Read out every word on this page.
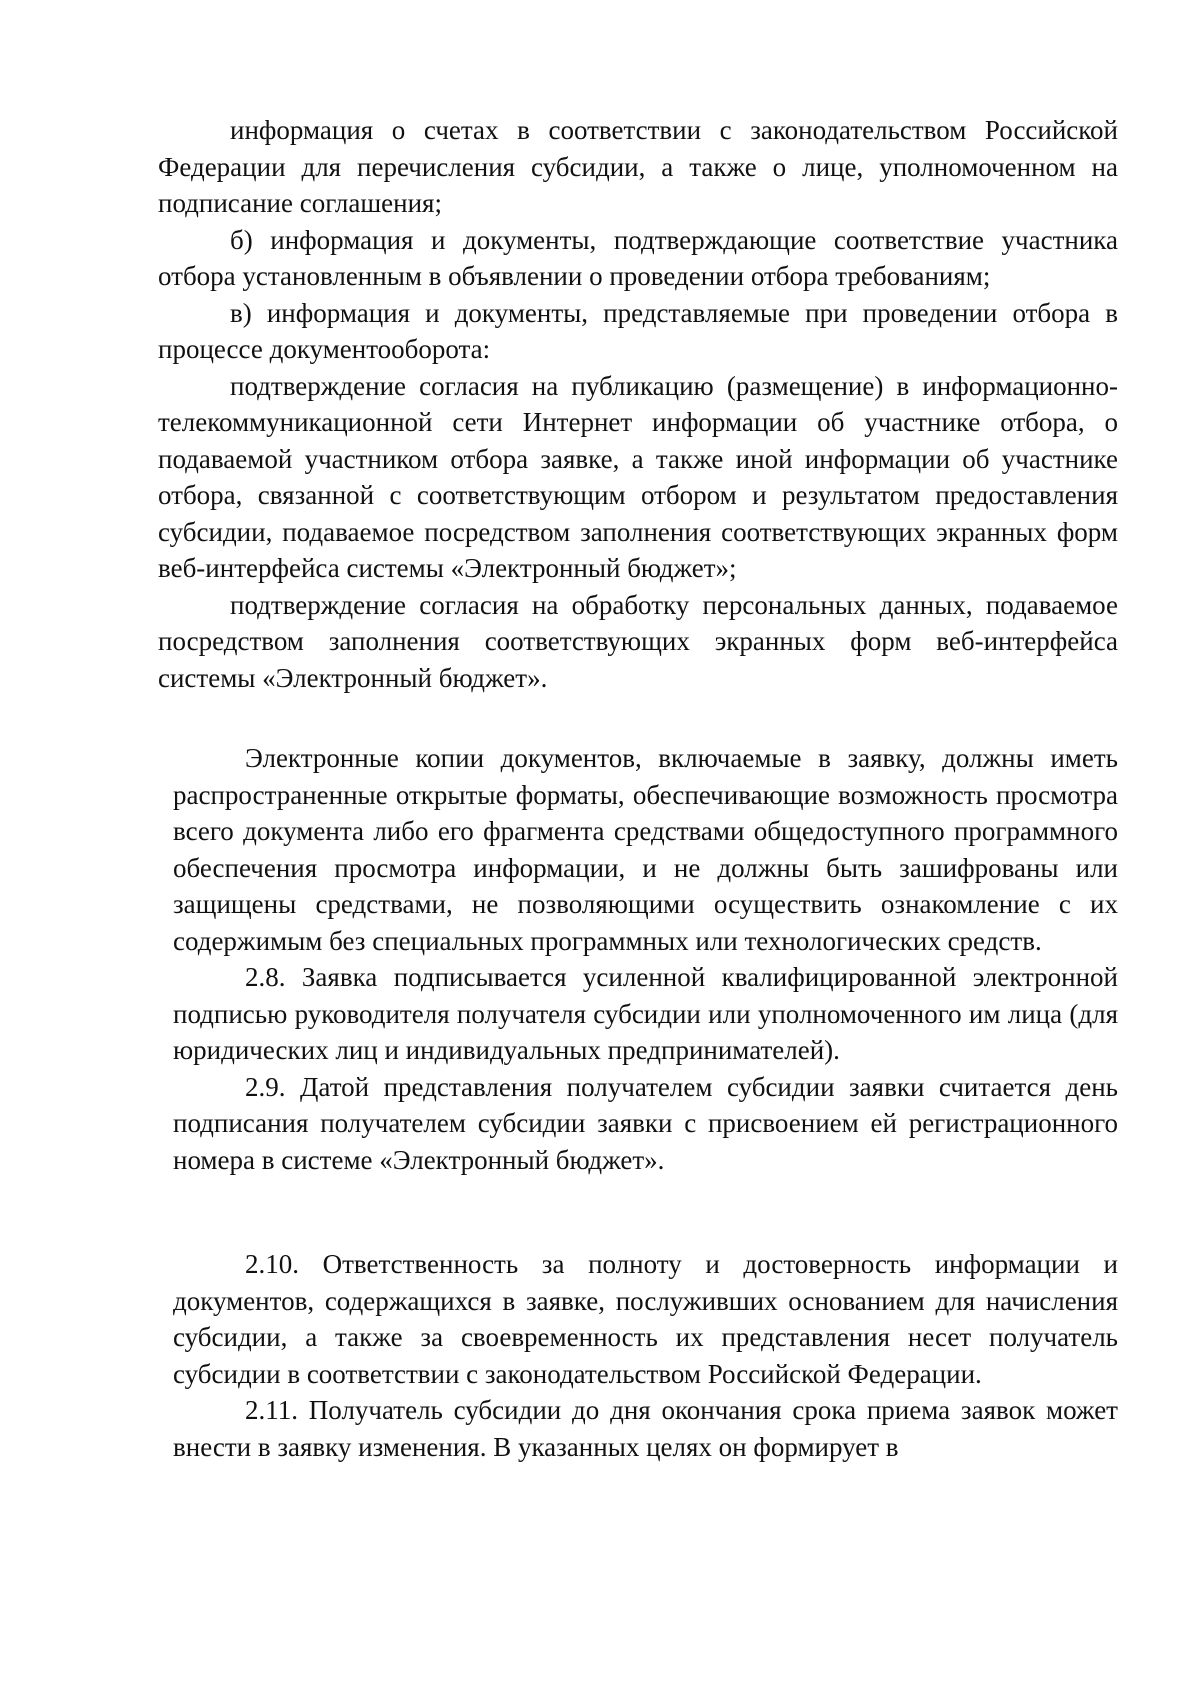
информация о счетах в соответствии с законодательством Российской Федерации для перечисления субсидии, а также о лице, уполномоченном на подписание соглашения;

б) информация и документы, подтверждающие соответствие участника отбора установленным в объявлении о проведении отбора требованиям;

в) информация и документы, представляемые при проведении отбора в процессе документооборота:

подтверждение согласия на публикацию (размещение) в информационно-телекоммуникационной сети Интернет информации об участнике отбора, о подаваемой участником отбора заявке, а также иной информации об участнике отбора, связанной с соответствующим отбором и результатом предоставления субсидии, подаваемое посредством заполнения соответствующих экранных форм веб-интерфейса системы «Электронный бюджет»;

подтверждение согласия на обработку персональных данных, подаваемое посредством заполнения соответствующих экранных форм веб-интерфейса системы «Электронный бюджет».

Электронные копии документов, включаемые в заявку, должны иметь распространенные открытые форматы, обеспечивающие возможность просмотра всего документа либо его фрагмента средствами общедоступного программного обеспечения просмотра информации, и не должны быть зашифрованы или защищены средствами, не позволяющими осуществить ознакомление с их содержимым без специальных программных или технологических средств.

2.8. Заявка подписывается усиленной квалифицированной электронной подписью руководителя получателя субсидии или уполномоченного им лица (для юридических лиц и индивидуальных предпринимателей).

2.9. Датой представления получателем субсидии заявки считается день подписания получателем субсидии заявки с присвоением ей регистрационного номера в системе «Электронный бюджет».

2.10. Ответственность за полноту и достоверность информации и документов, содержащихся в заявке, послуживших основанием для начисления субсидии, а также за своевременность их представления несет получатель субсидии в соответствии с законодательством Российской Федерации.

2.11. Получатель субсидии до дня окончания срока приема заявок может внести в заявку изменения. В указанных целях он формирует в
